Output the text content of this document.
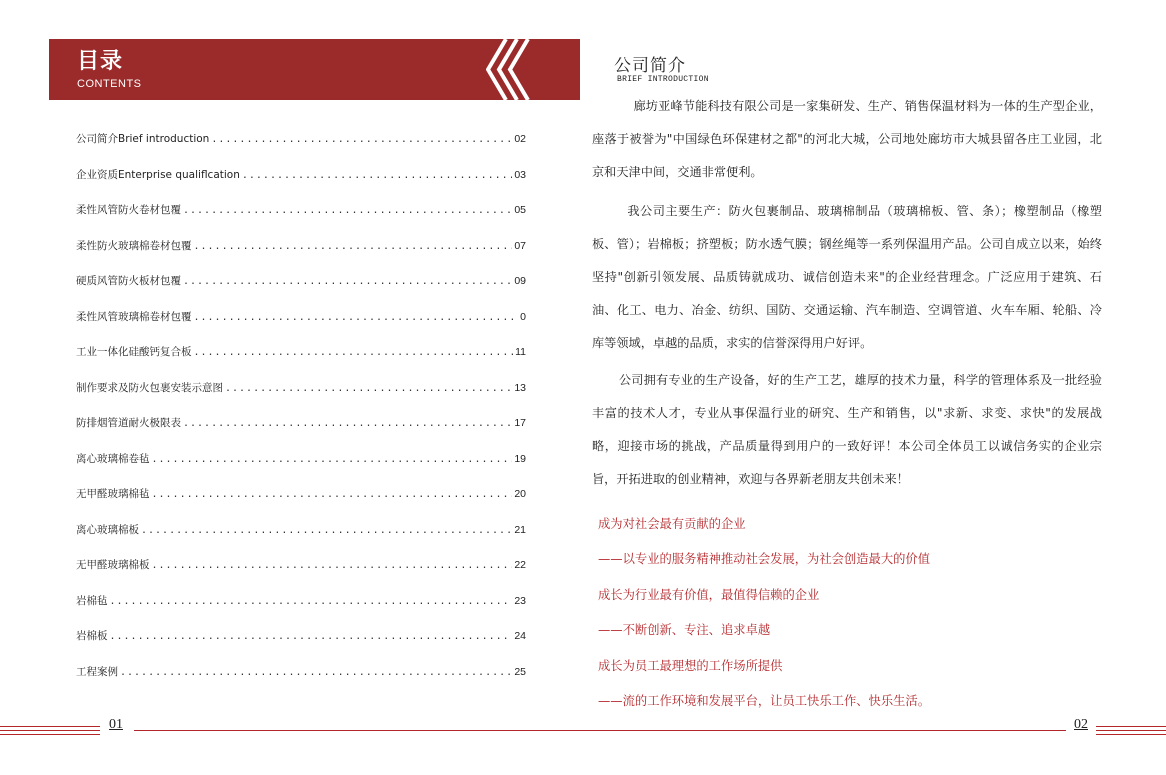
目录
CONTENTS
公司简介Brief introduction .....	02
企业资质Enterprise qualiflcation .....	03
柔性风管防火卷材包覆 .....	05
柔性防火玻璃棉卷材包覆 .....	07
硬质风管防火板材包覆 .....	09
柔性风管玻璃棉卷材包覆 .....	0
工业一体化硅酸钙复合板 .....	11
制作要求及防火包裹安装示意图 .....	13
防排烟管道耐火极限表 .....	17
离心玻璃棉卷毡 .....	19
无甲醛玻璃棉毡 .....	20
离心玻璃棉板 .....	21
无甲醛玻璃棉板 .....	22
岩棉毡 .....	23
岩棉板 .....	24
工程案例 .....	25
公司简介
BRIEF INTRODUCTION

廊坊亚峰节能科技有限公司是一家集研发、生产、销售保温材料为一体的生产型企业，座落于被誉为"中国绿色环保建材之都"的河北大城，公司地处廊坊市大城县留各庄工业园，北京和天津中间，交通非常便利。

我公司主要生产：防火包裹制品、玻璃棉制品（玻璃棉板、管、条）；橡塑制品（橡塑板、管）；岩棉板；挤塑板；防水透气膜；钢丝绳等一系列保温用产品。公司自成立以来，始终坚持"创新引领发展、品质铸就成功、诚信创造未来"的企业经营理念。广泛应用于建筑、石油、化工、电力、冶金、纺织、国防、交通运输、汽车制造、空调管道、火车车厢、轮船、冷库等领域，卓越的品质，求实的信誉深得用户好评。

公司拥有专业的生产设备，好的生产工艺，雄厚的技术力量，科学的管理体系及一批经验丰富的技术人才，专业从事保温行业的研究、生产和销售，以"求新、求变、求快"的发展战略，迎接市场的挑战，产品质量得到用户的一致好评！本公司全体员工以诚信务实的企业宗旨，开拓进取的创业精神，欢迎与各界新老朋友共创未来！

成为对社会最有贡献的企业
——以专业的服务精神推动社会发展，为社会创造最大的价值
成长为行业最有价值，最值得信赖的企业
——不断创新、专注、追求卓越
成长为员工最理想的工作场所提供
——流的工作环境和发展平台，让员工快乐工作、快乐生活。
01	02
